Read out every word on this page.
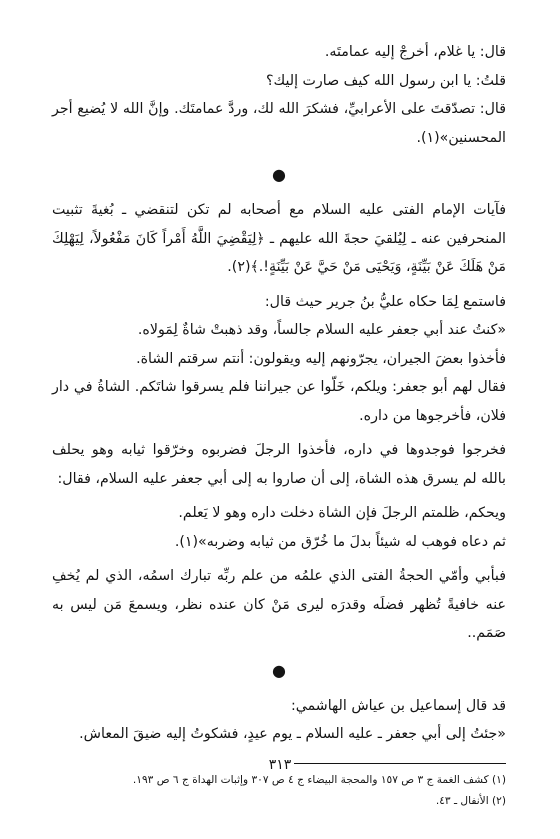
قال: يا غلام، أخرجْ إليه عمامتَه.

قلتُ: يا ابن رسول الله كيف صارت إليك؟

قال: تصدّقتَ على الأعرابيِّ، فشكرَ الله لك، وردَّ عمامتَك. وإنَّ الله لا يُضيع أجر المحسنين»(١).

●

فآيات الإمام الفتى عليه السلام مع أصحابه لم تكن لتنقضي ـ بُغيةَ تثبيت المنحرفين عنه ـ لِيُلقيَ حجةَ الله عليهم ـ ﴿لِيَقْضِيَ اللَّهُ أَمْراً كَانَ مَفْعُولاً، لِيَهْلِكَ مَنْ هَلَكَ عَنْ بَيِّنَةٍ، وَيَحْيَى مَنْ حَيَّ عَنْ بَيِّنَةٍ!.﴾(٢).

فاستمع لِمَا حكاه عليُّ بنُ جرير حيث قال:

«كنتُ عند أبي جعفر عليه السلام جالساً، وقد ذهبتْ شاةٌ لِمَولاه.

فأخذوا بعضَ الجيران، يجرّونهم إليه ويقولون: أنتم سرقتم الشاة.

فقال لهم أبو جعفر: ويلكم، خَلّوا عن جيراننا فلم يسرقوا شاتَكم. الشاةُ في دار فلان، فأخرجوها من داره.

فخرجوا فوجدوها في داره، فأخذوا الرجلَ فضربوه وخرّقوا ثيابه وهو يحلف بالله لم يسرق هذه الشاة، إلى أن صاروا به إلى أبي جعفر عليه السلام، فقال:

ويحكم، ظلمتم الرجلَ فإن الشاة دخلت داره وهو لا يَعلم.

ثم دعاه فوهب له شيئاً بدلَ ما خُرّق من ثيابه وضربه»(١).

فبأبي وأمّي الحجةُ الفتى الذي علمُه من علم ربِّه تبارك اسمُه، الذي لم يُخفِ عنه خافيةً تُظهر فضلَه وقدرَه ليرى مَنْ كان عنده نظر، ويسمعَ مَن ليس به صَمَم..

●

قد قال إسماعيل بن عياش الهاشمي:

«جئتُ إلى أبي جعفر ـ عليه السلام ـ يوم عيدٍ، فشكوتُ إليه ضيقَ المعاش.

(١) كشف الغمة ج ٣ ص ١٥٧ والمحجة البيضاء ج ٤ ص ٣٠٧ وإثبات الهداة ج ٦ ص ١٩٣.

(٢) الأنفال ـ ٤٣.

٣١٣
